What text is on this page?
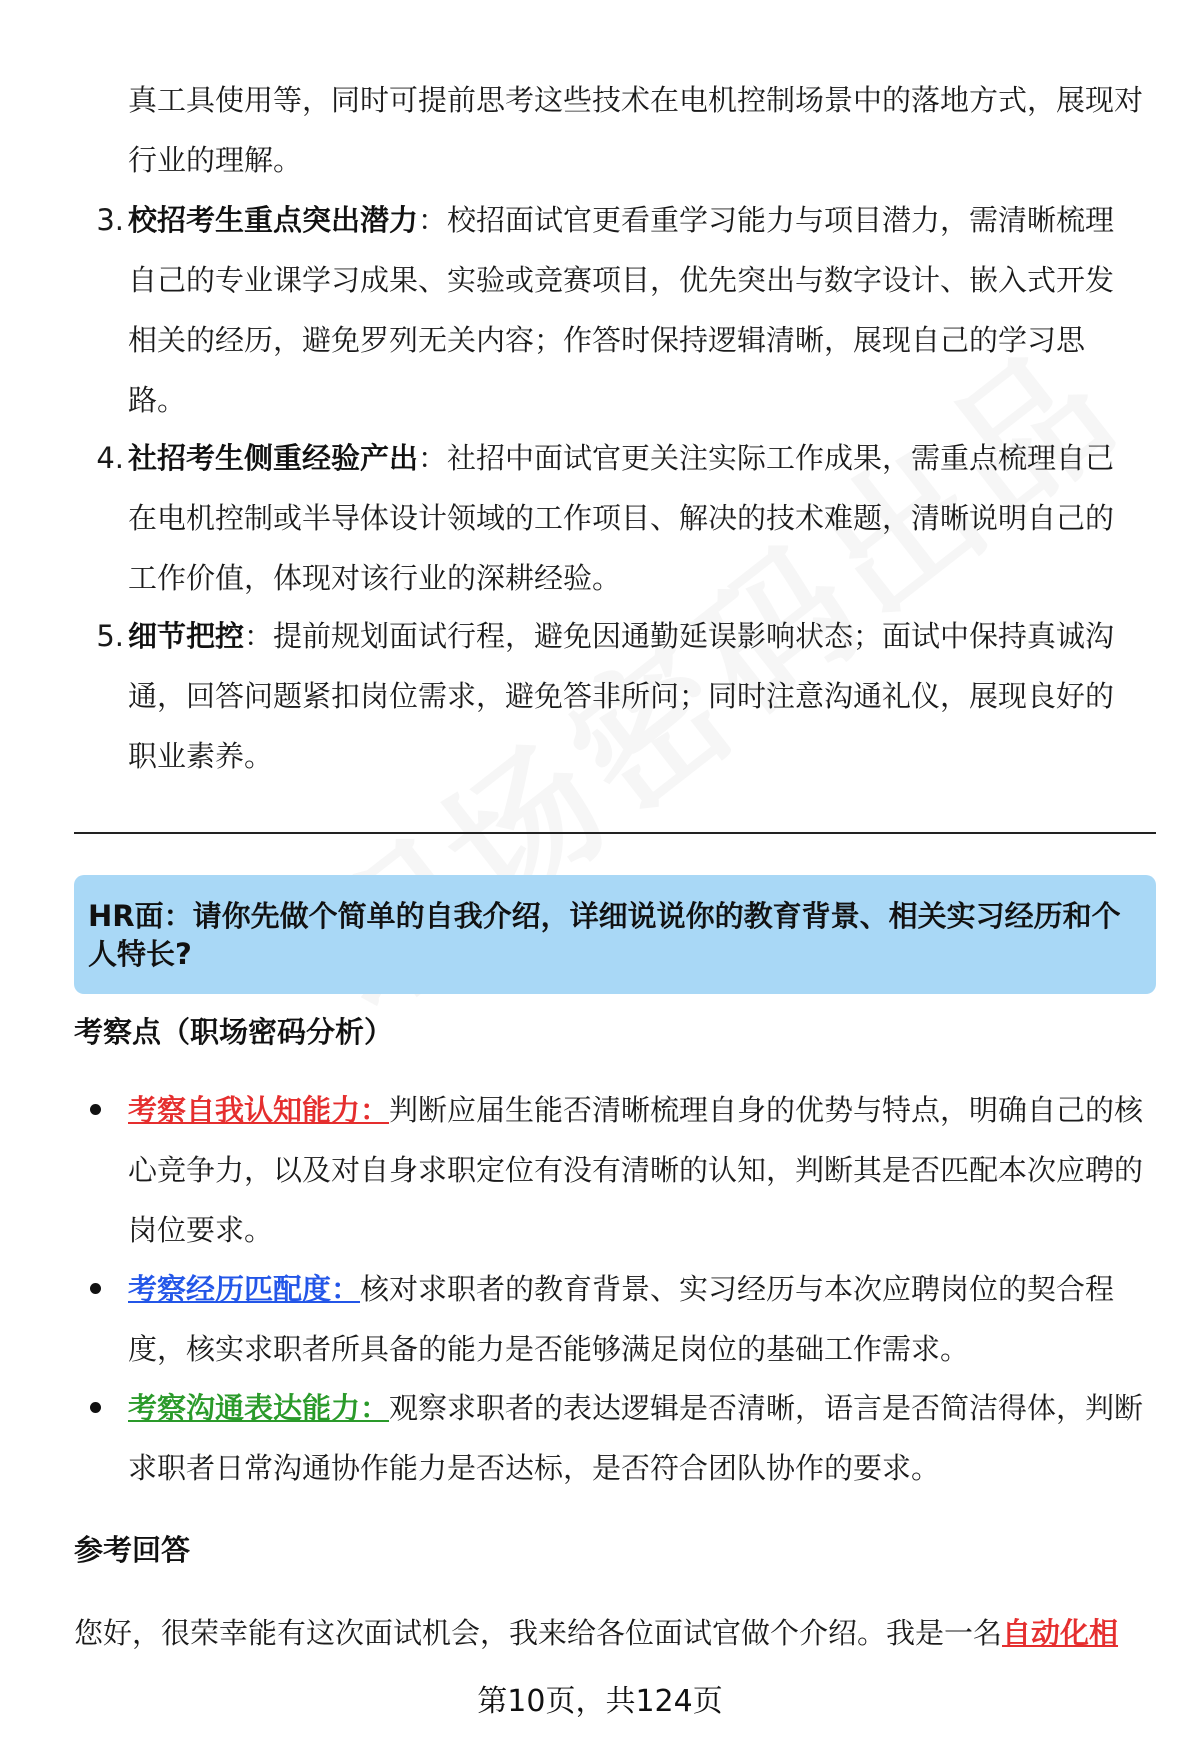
真工具使用等，同时可提前思考这些技术在电机控制场景中的落地方式，展现对行业的理解。
3. 校招考生重点突出潜力：校招面试官更看重学习能力与项目潜力，需清晰梳理自己的专业课学习成果、实验或竞赛项目，优先突出与数字设计、嵌入式开发相关的经历，避免罗列无关内容；作答时保持逻辑清晰，展现自己的学习思路。
4. 社招考生侧重经验产出：社招中面试官更关注实际工作成果，需重点梳理自己在电机控制或半导体设计领域的工作项目、解决的技术难题，清晰说明自己的工作价值，体现对该行业的深耕经验。
5. 细节把控：提前规划面试行程，避免因通勤延误影响状态；面试中保持真诚沟通，回答问题紧扣岗位需求，避免答非所问；同时注意沟通礼仪，展现良好的职业素养。
HR面：请你先做个简单的自我介绍，详细说说你的教育背景、相关实习经历和个人特长?
考察点（职场密码分析）
考察自我认知能力：判断应届生能否清晰梳理自身的优势与特点，明确自己的核心竞争力，以及对自身求职定位有没有清晰的认知，判断其是否匹配本次应聘的岗位要求。
考察经历匹配度：核对求职者的教育背景、实习经历与本次应聘岗位的契合程度，核实求职者所具备的能力是否能够满足岗位的基础工作需求。
考察沟通表达能力：观察求职者的表达逻辑是否清晰，语言是否简洁得体，判断求职者日常沟通协作能力是否达标，是否符合团队协作的要求。
参考回答
您好，很荣幸能有这次面试机会，我来给各位面试官做个介绍。我是一名自动化相
第10页，共124页
